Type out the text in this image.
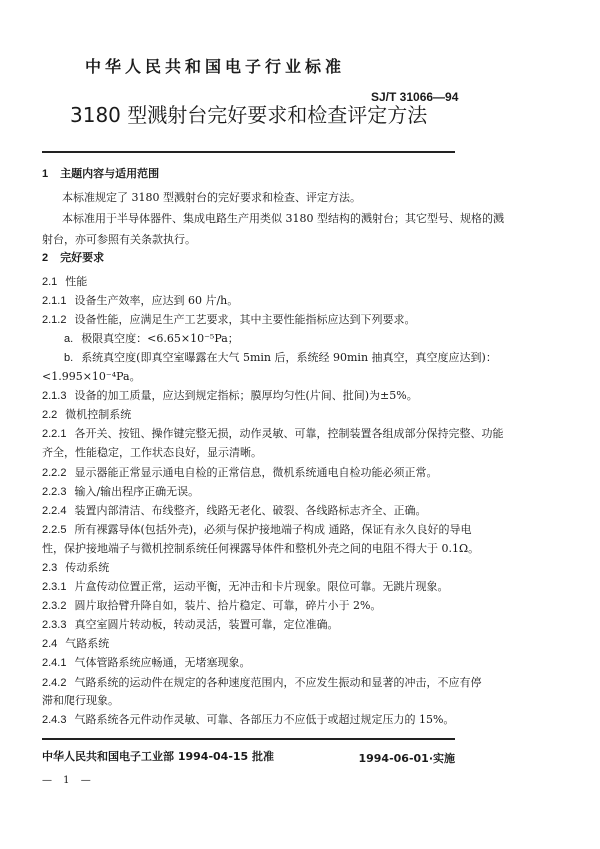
中华人民共和国电子行业标准
SJ/T 31066—94
3180 型溅射台完好要求和检查评定方法
1 主题内容与适用范围
本标准规定了 3180 型溅射台的完好要求和检查、评定方法。
本标准用于半导体器件、集成电路生产用类似 3180 型结构的溅射台；其它型号、规格的溅
射台，亦可参照有关条款执行。
2 完好要求
2.1 性能
2.1.1 设备生产效率，应达到 60 片/h。
2.1.2 设备性能，应满足生产工艺要求，其中主要性能指标应达到下列要求。
a. 极限真空度：<6.65×10⁻⁵Pa；
b. 系统真空度(即真空室曝露在大气 5min 后，系统经 90min 抽真空，真空度应达到)：
<1.995×10⁻⁴Pa。
2.1.3 设备的加工质量，应达到规定指标；膜厚均匀性(片间、批间)为±5%。
2.2 微机控制系统
2.2.1 各开关、按钮、操作键完整无损，动作灵敏、可靠，控制装置各组成部分保持完整、功能
齐全，性能稳定，工作状态良好，显示清晰。
2.2.2 显示器能正常显示通电自检的正常信息，微机系统通电自检功能必须正常。
2.2.3 输入/输出程序正确无误。
2.2.4 装置内部清洁、布线整齐，线路无老化、破裂、各线路标志齐全、正确。
2.2.5 所有裸露导体(包括外壳)，必须与保护接地端子构成 通路，保证有永久良好的导电
性，保护接地端子与微机控制系统任何裸露导体件和整机外壳之间的电阻不得大于 0.1Ω。
2.3 传动系统
2.3.1 片盒传动位置正常，运动平衡，无冲击和卡片现象。限位可靠。无跳片现象。
2.3.2 圆片取拾臂升降自如，装片、拾片稳定、可靠，碎片小于 2%。
2.3.3 真空室圆片转动板，转动灵活，装置可靠，定位准确。
2.4 气路系统
2.4.1 气体管路系统应畅通，无堵塞现象。
2.4.2 气路系统的运动件在规定的各种速度范围内，不应发生振动和显著的冲击，不应有停
滞和爬行现象。
2.4.3 气路系统各元件动作灵敏、可靠、各部压力不应低于或超过规定压力的 15%。
中华人民共和国电子工业部 1994-04-15 批准	1994-06-01·实施
— 1 —
